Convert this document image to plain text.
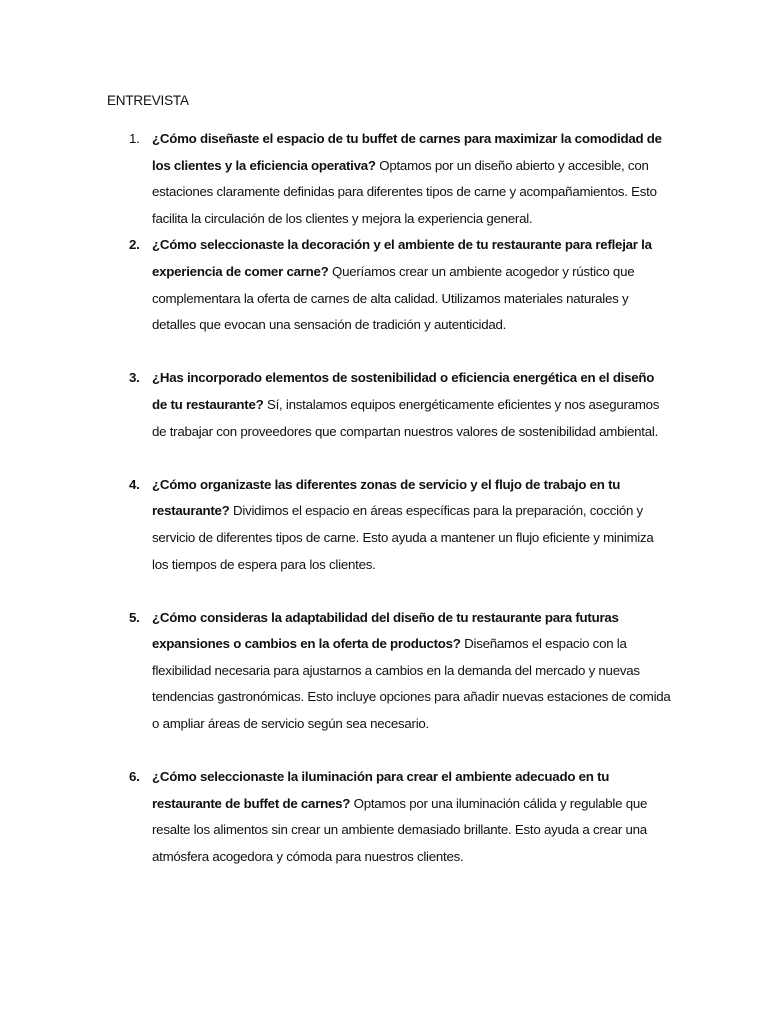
ENTREVISTA
1. ¿Cómo diseñaste el espacio de tu buffet de carnes para maximizar la comodidad de los clientes y la eficiencia operativa? Optamos por un diseño abierto y accesible, con estaciones claramente definidas para diferentes tipos de carne y acompañamientos. Esto facilita la circulación de los clientes y mejora la experiencia general.
2. ¿Cómo seleccionaste la decoración y el ambiente de tu restaurante para reflejar la experiencia de comer carne? Queríamos crear un ambiente acogedor y rústico que complementara la oferta de carnes de alta calidad. Utilizamos materiales naturales y detalles que evocan una sensación de tradición y autenticidad.
3. ¿Has incorporado elementos de sostenibilidad o eficiencia energética en el diseño de tu restaurante? Sí, instalamos equipos energéticamente eficientes y nos aseguramos de trabajar con proveedores que compartan nuestros valores de sostenibilidad ambiental.
4. ¿Cómo organizaste las diferentes zonas de servicio y el flujo de trabajo en tu restaurante? Dividimos el espacio en áreas específicas para la preparación, cocción y servicio de diferentes tipos de carne. Esto ayuda a mantener un flujo eficiente y minimiza los tiempos de espera para los clientes.
5. ¿Cómo consideras la adaptabilidad del diseño de tu restaurante para futuras expansiones o cambios en la oferta de productos? Diseñamos el espacio con la flexibilidad necesaria para ajustarnos a cambios en la demanda del mercado y nuevas tendencias gastronómicas. Esto incluye opciones para añadir nuevas estaciones de comida o ampliar áreas de servicio según sea necesario.
6. ¿Cómo seleccionaste la iluminación para crear el ambiente adecuado en tu restaurante de buffet de carnes? Optamos por una iluminación cálida y regulable que resalte los alimentos sin crear un ambiente demasiado brillante. Esto ayuda a crear una atmósfera acogedora y cómoda para nuestros clientes.
